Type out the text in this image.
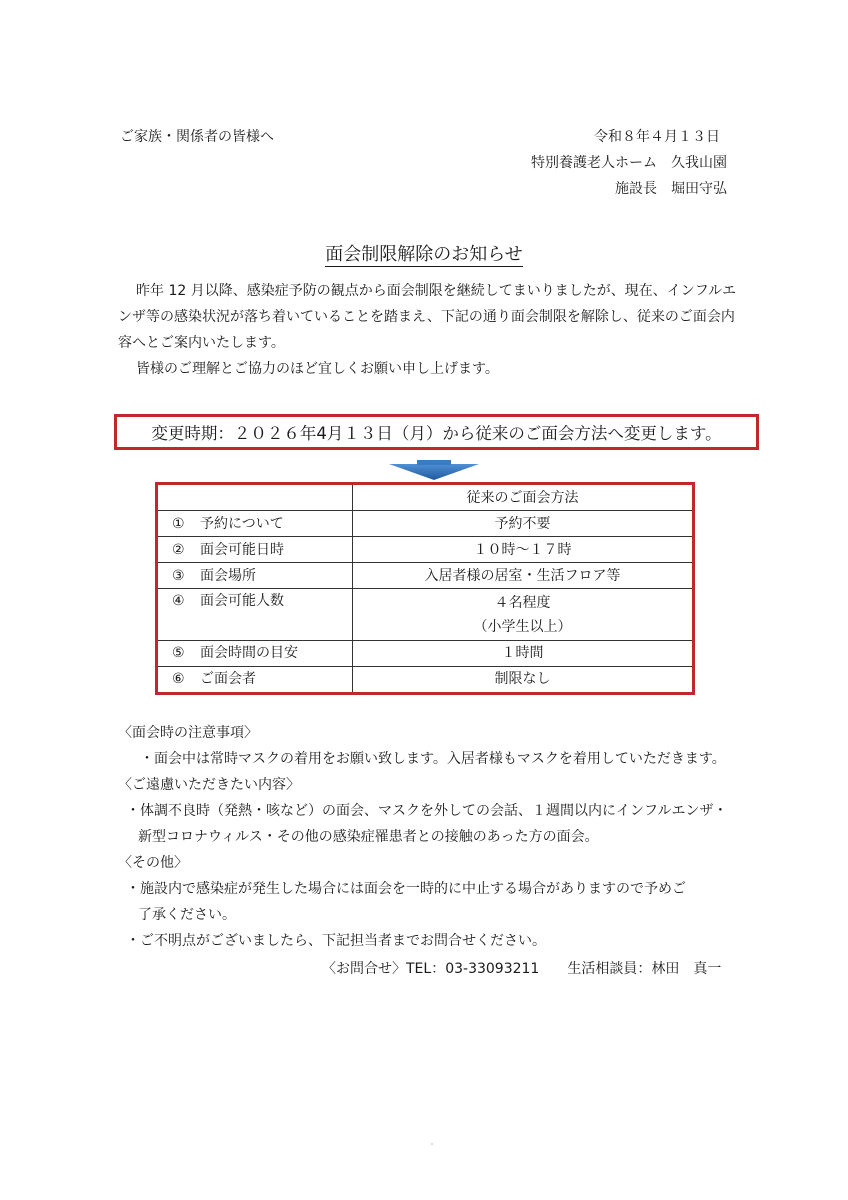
ご家族・関係者の皆様へ	令和８年４月１３日
特別養護老人ホーム　久我山園
施設長　堀田守弘
面会制限解除のお知らせ

昨年 12 月以降、感染症予防の観点から面会制限を継続してまいりましたが、現在、インフルエンザ等の感染状況が落ち着いていることを踏まえ、下記の通り面会制限を解除し、従来のご面会内容へとご案内いたします。

皆様のご理解とご協力のほど宜しくお願い申し上げます。

変更時期：２０２６年4月１３日（月）から従来のご面会方法へ変更します。
	従来のご面会方法
① 予約について	予約不要
② 面会可能日時	１０時～１７時
③ 面会場所	入居者様の居室・生活フロア等
④ 面会可能人数	４名程度
（小学生以上）

⑤ 面会時間の目安	１時間
⑥ ご面会者	制限なし

〈面会時の注意事項〉

・面会中は常時マスクの着用をお願い致します。入居者様もマスクを着用していただきます。

〈ご遠慮いただきたい内容〉

・体調不良時（発熱・咳など）の面会、マスクを外しての会話、１週間以内にインフルエンザ・

新型コロナウィルス・その他の感染症罹患者との接触のあった方の面会。

〈その他〉

・施設内で感染症が発生した場合には面会を一時的に中止する場合がありますので予めご

了承ください。

・ご不明点がございましたら、下記担当者までお問合せください。

〈お問合せ〉TEL：03-33093211 生活相談員：林田　真一
